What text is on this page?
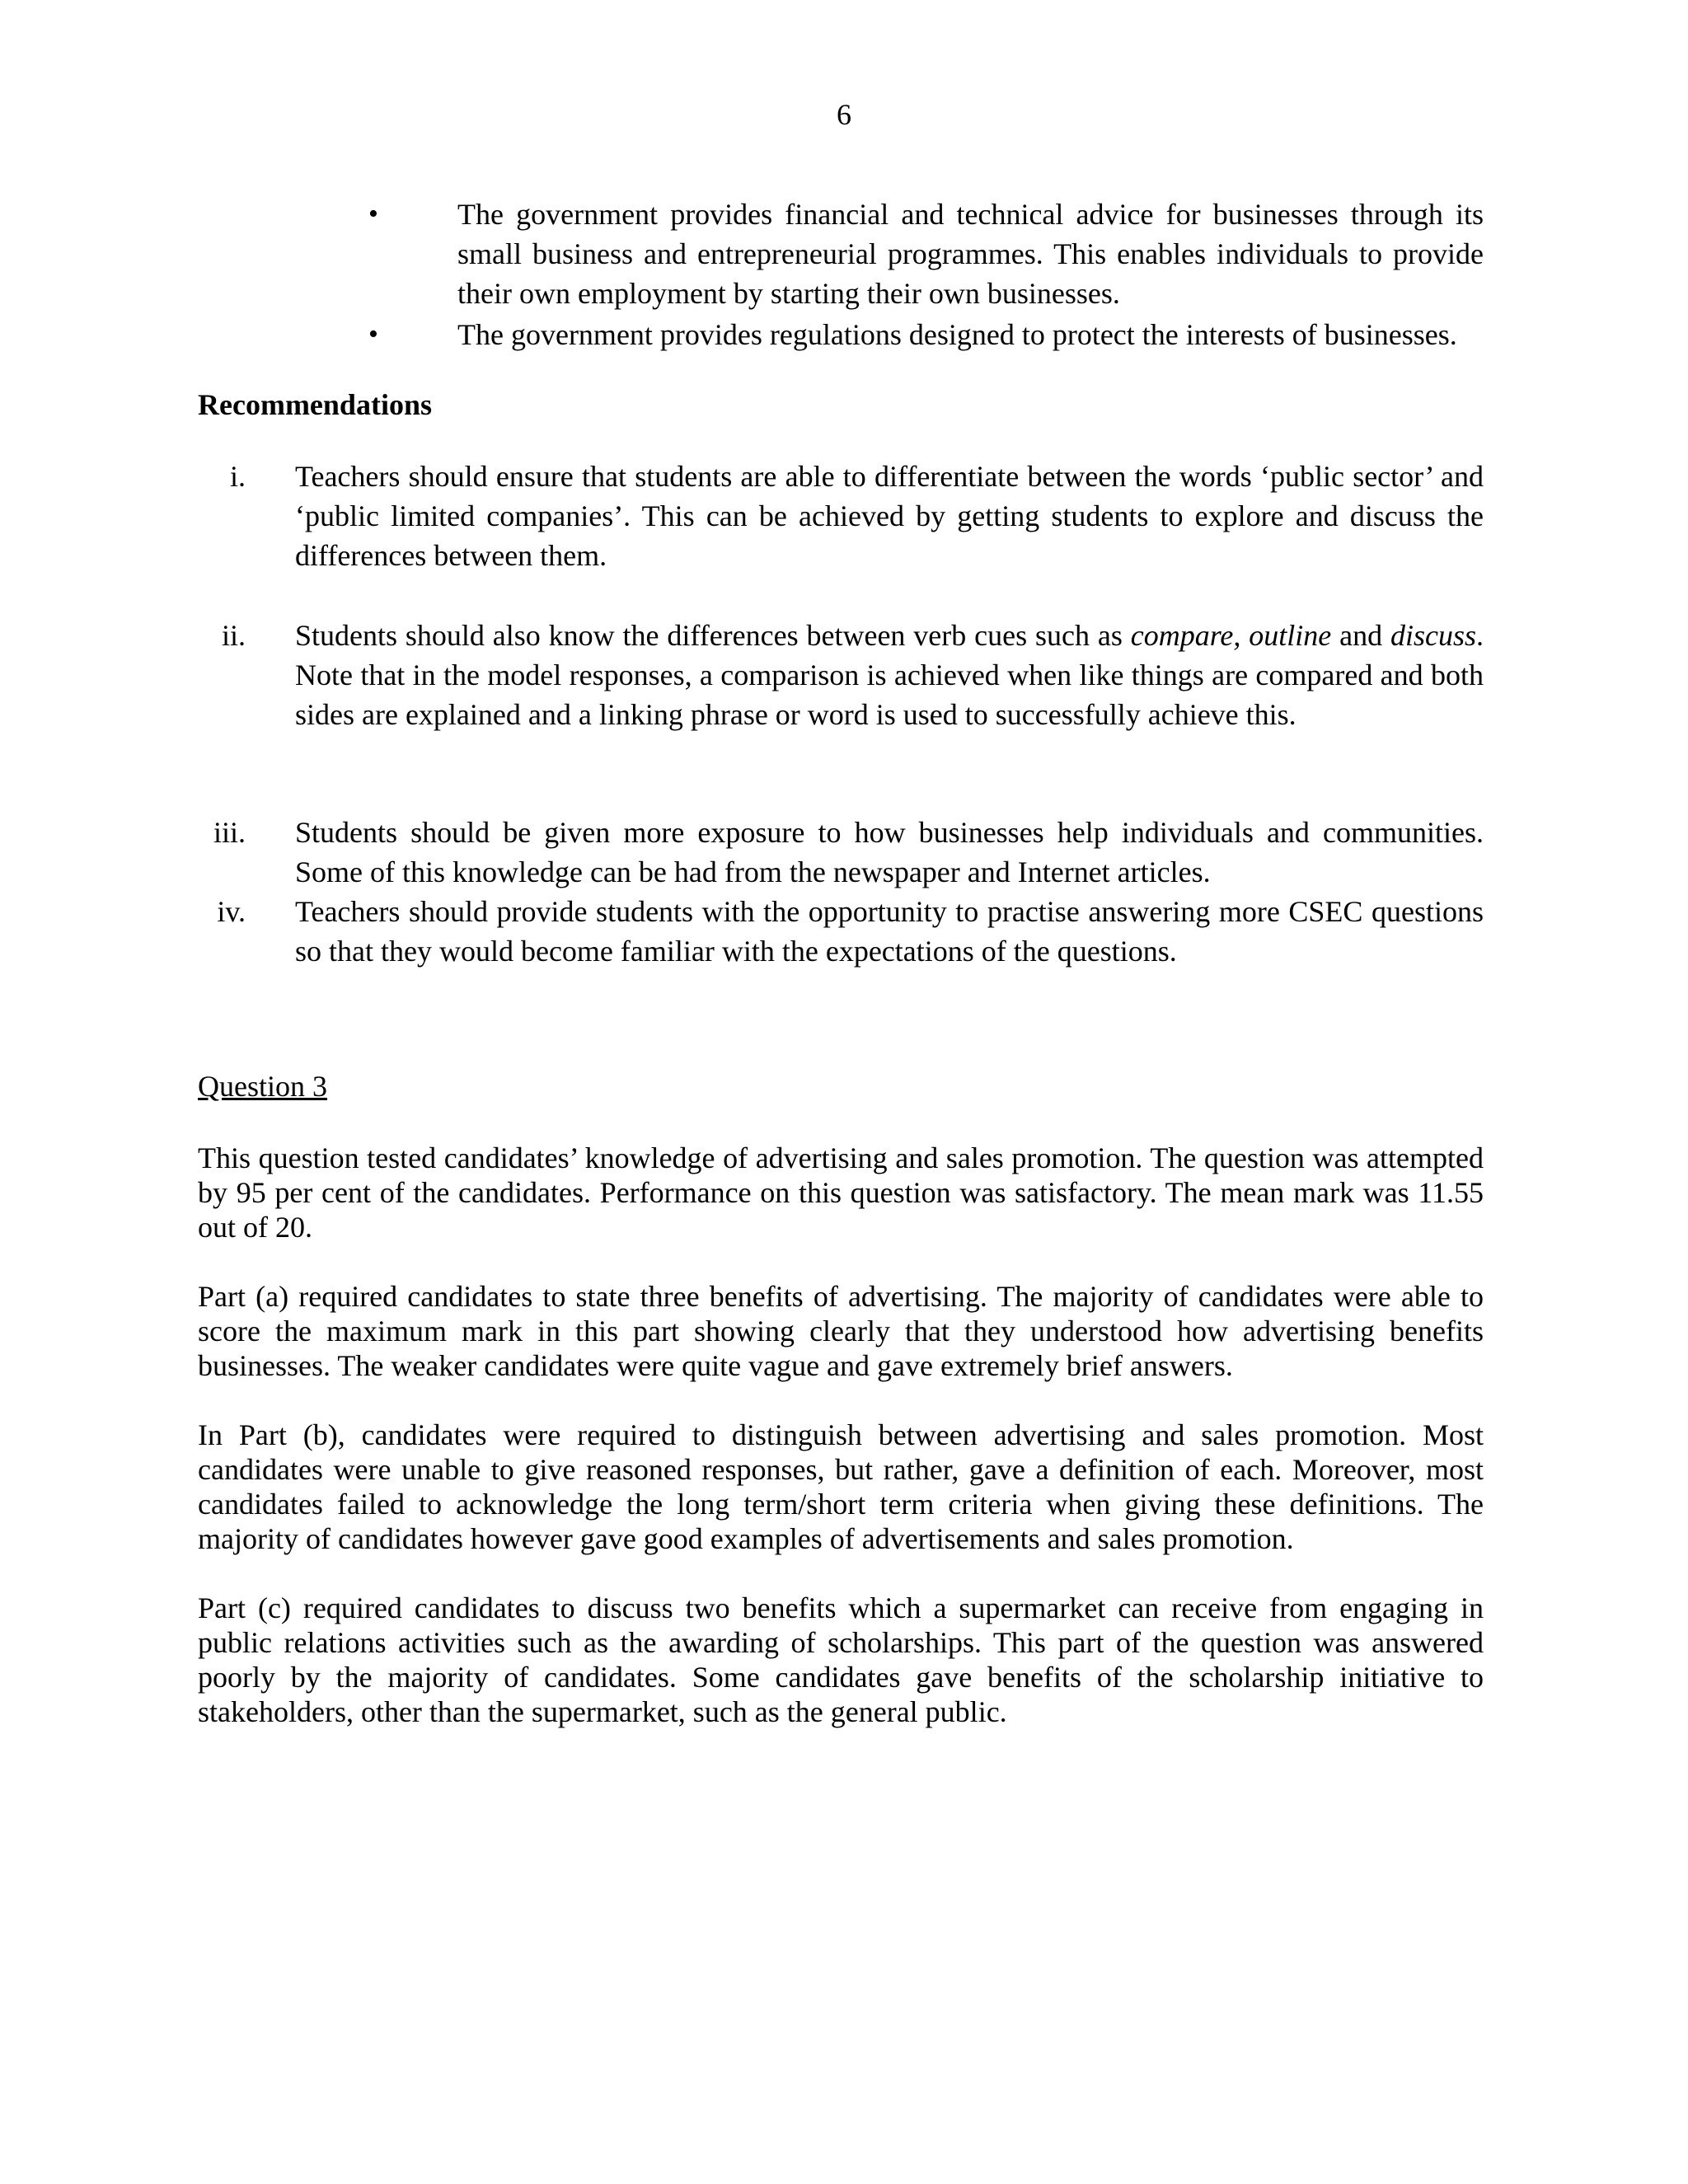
6
•	The government provides financial and technical advice for businesses through its small business and entrepreneurial programmes. This enables individuals to provide their own employment by starting their own businesses.
•	The government provides regulations designed to protect the interests of businesses.
Recommendations
i. Teachers should ensure that students are able to differentiate between the words ‘public sector’ and ‘public limited companies’. This can be achieved by getting students to explore and discuss the differences between them.
ii. Students should also know the differences between verb cues such as compare, outline and discuss. Note that in the model responses, a comparison is achieved when like things are compared and both sides are explained and a linking phrase or word is used to successfully achieve this.
iii. Students should be given more exposure to how businesses help individuals and communities. Some of this knowledge can be had from the newspaper and Internet articles.
iv. Teachers should provide students with the opportunity to practise answering more CSEC questions so that they would become familiar with the expectations of the questions.
Question 3

This question tested candidates’ knowledge of advertising and sales promotion. The question was attempted by 95 per cent of the candidates. Performance on this question was satisfactory. The mean mark was 11.55 out of 20.

Part (a) required candidates to state three benefits of advertising. The majority of candidates were able to score the maximum mark in this part showing clearly that they understood how advertising benefits businesses. The weaker candidates were quite vague and gave extremely brief answers.

In Part (b), candidates were required to distinguish between advertising and sales promotion. Most candidates were unable to give reasoned responses, but rather, gave a definition of each. Moreover, most candidates failed to acknowledge the long term/short term criteria when giving these definitions. The majority of candidates however gave good examples of advertisements and sales promotion.

Part (c) required candidates to discuss two benefits which a supermarket can receive from engaging in public relations activities such as the awarding of scholarships. This part of the question was answered poorly by the majority of candidates. Some candidates gave benefits of the scholarship initiative to stakeholders, other than the supermarket, such as the general public.
